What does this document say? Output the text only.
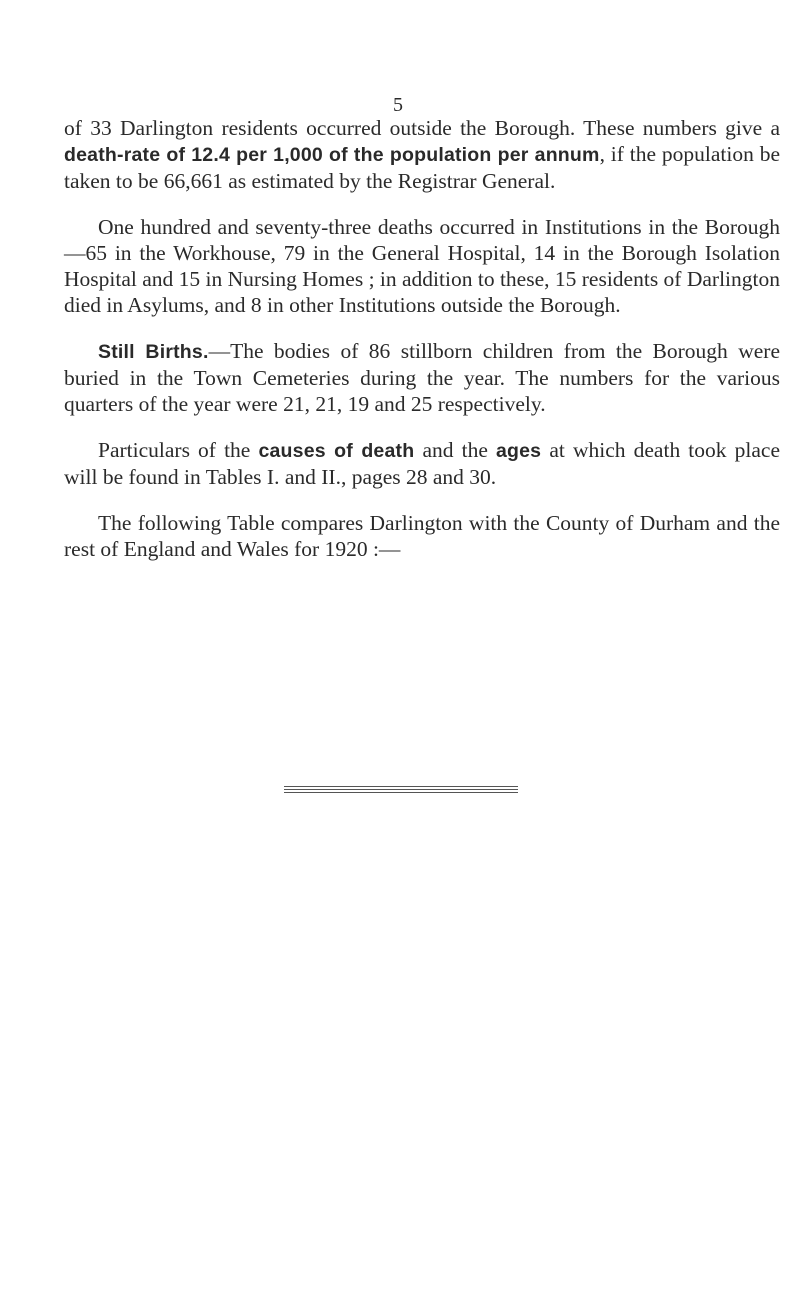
5

of 33 Darlington residents occurred outside the Borough. These numbers give a death-rate of 12.4 per 1,000 of the population per annum, if the population be taken to be 66,661 as estimated by the Registrar General.

One hundred and seventy-three deaths occurred in Institutions in the Borough—65 in the Workhouse, 79 in the General Hospital, 14 in the Borough Isolation Hospital and 15 in Nursing Homes ; in addition to these, 15 residents of Darlington died in Asylums, and 8 in other Institutions outside the Borough.

Still Births.—The bodies of 86 stillborn children from the Borough were buried in the Town Cemeteries during the year. The numbers for the various quarters of the year were 21, 21, 19 and 25 respectively.

Particulars of the causes of death and the ages at which death took place will be found in Tables I. and II., pages 28 and 30.

The following Table compares Darlington with the County of Durham and the rest of England and Wales for 1920 :—
